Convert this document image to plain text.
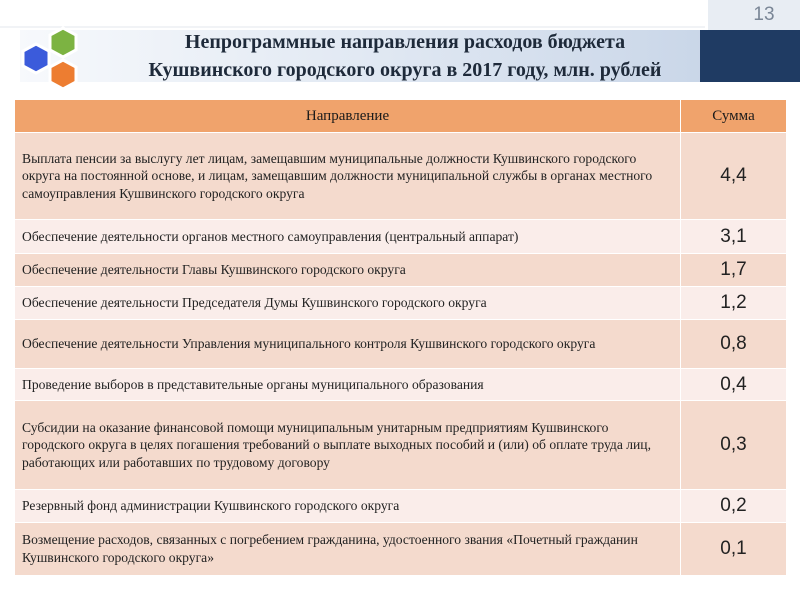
13
Непрограммные направления расходов бюджета
Кушвинского городского округа в 2017 году, млн. рублей
Направление	Сумма
Выплата пенсии за выслугу лет лицам, замещавшим муниципальные должности Кушвинского городского округа на постоянной основе, и лицам, замещавшим должности муниципальной службы в органах местного самоуправления Кушвинского городского округа	4,4
Обеспечение деятельности органов местного самоуправления (центральный аппарат)	3,1
Обеспечение деятельности Главы Кушвинского городского округа	1,7
Обеспечение деятельности Председателя Думы Кушвинского городского округа	1,2
Обеспечение деятельности Управления муниципального контроля Кушвинского городского округа	0,8
Проведение выборов в представительные органы муниципального образования	0,4
Субсидии на оказание финансовой помощи муниципальным унитарным предприятиям Кушвинского городского округа в целях погашения требований о выплате выходных пособий и (или) об оплате труда лиц, работающих или работавших по трудовому договору	0,3
Резервный фонд администрации Кушвинского городского округа	0,2
Возмещение расходов, связанных с погребением гражданина, удостоенного звания «Почетный гражданин Кушвинского городского округа»	0,1
